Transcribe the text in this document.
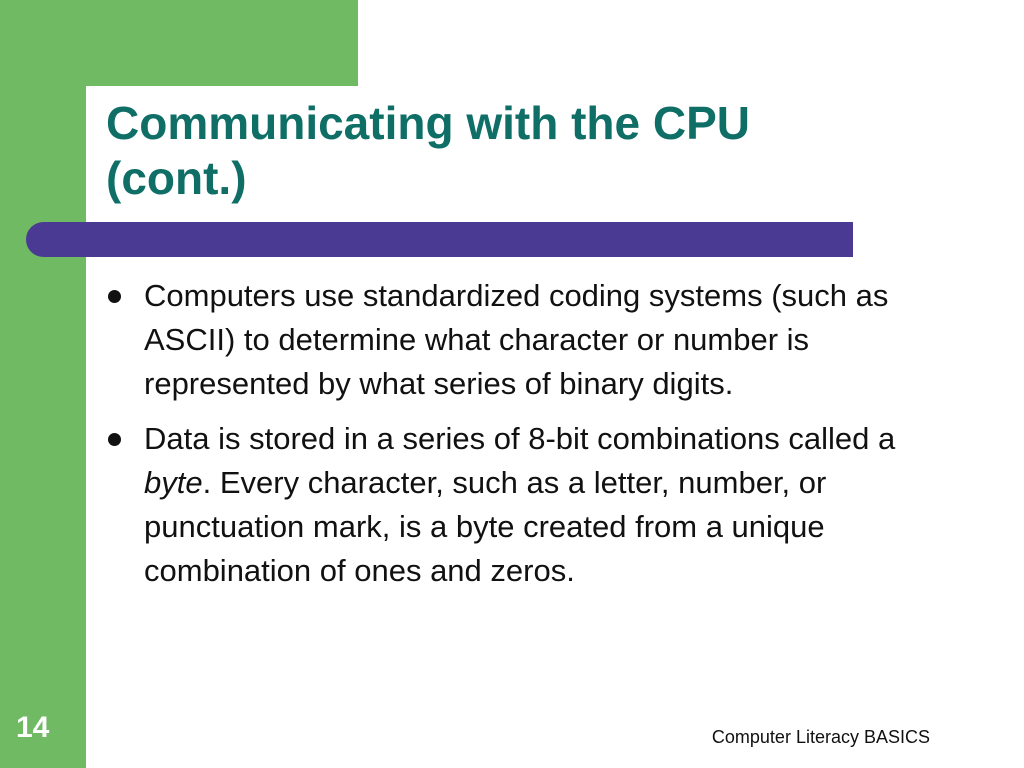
Communicating with the CPU
(cont.)
Computers use standardized coding systems (such as ASCII) to determine what character or number is represented by what series of binary digits.
Data is stored in a series of 8-bit combinations called a byte. Every character, such as a letter, number, or punctuation mark, is a byte created from a unique combination of ones and zeros.
14	Computer Literacy BASICS
